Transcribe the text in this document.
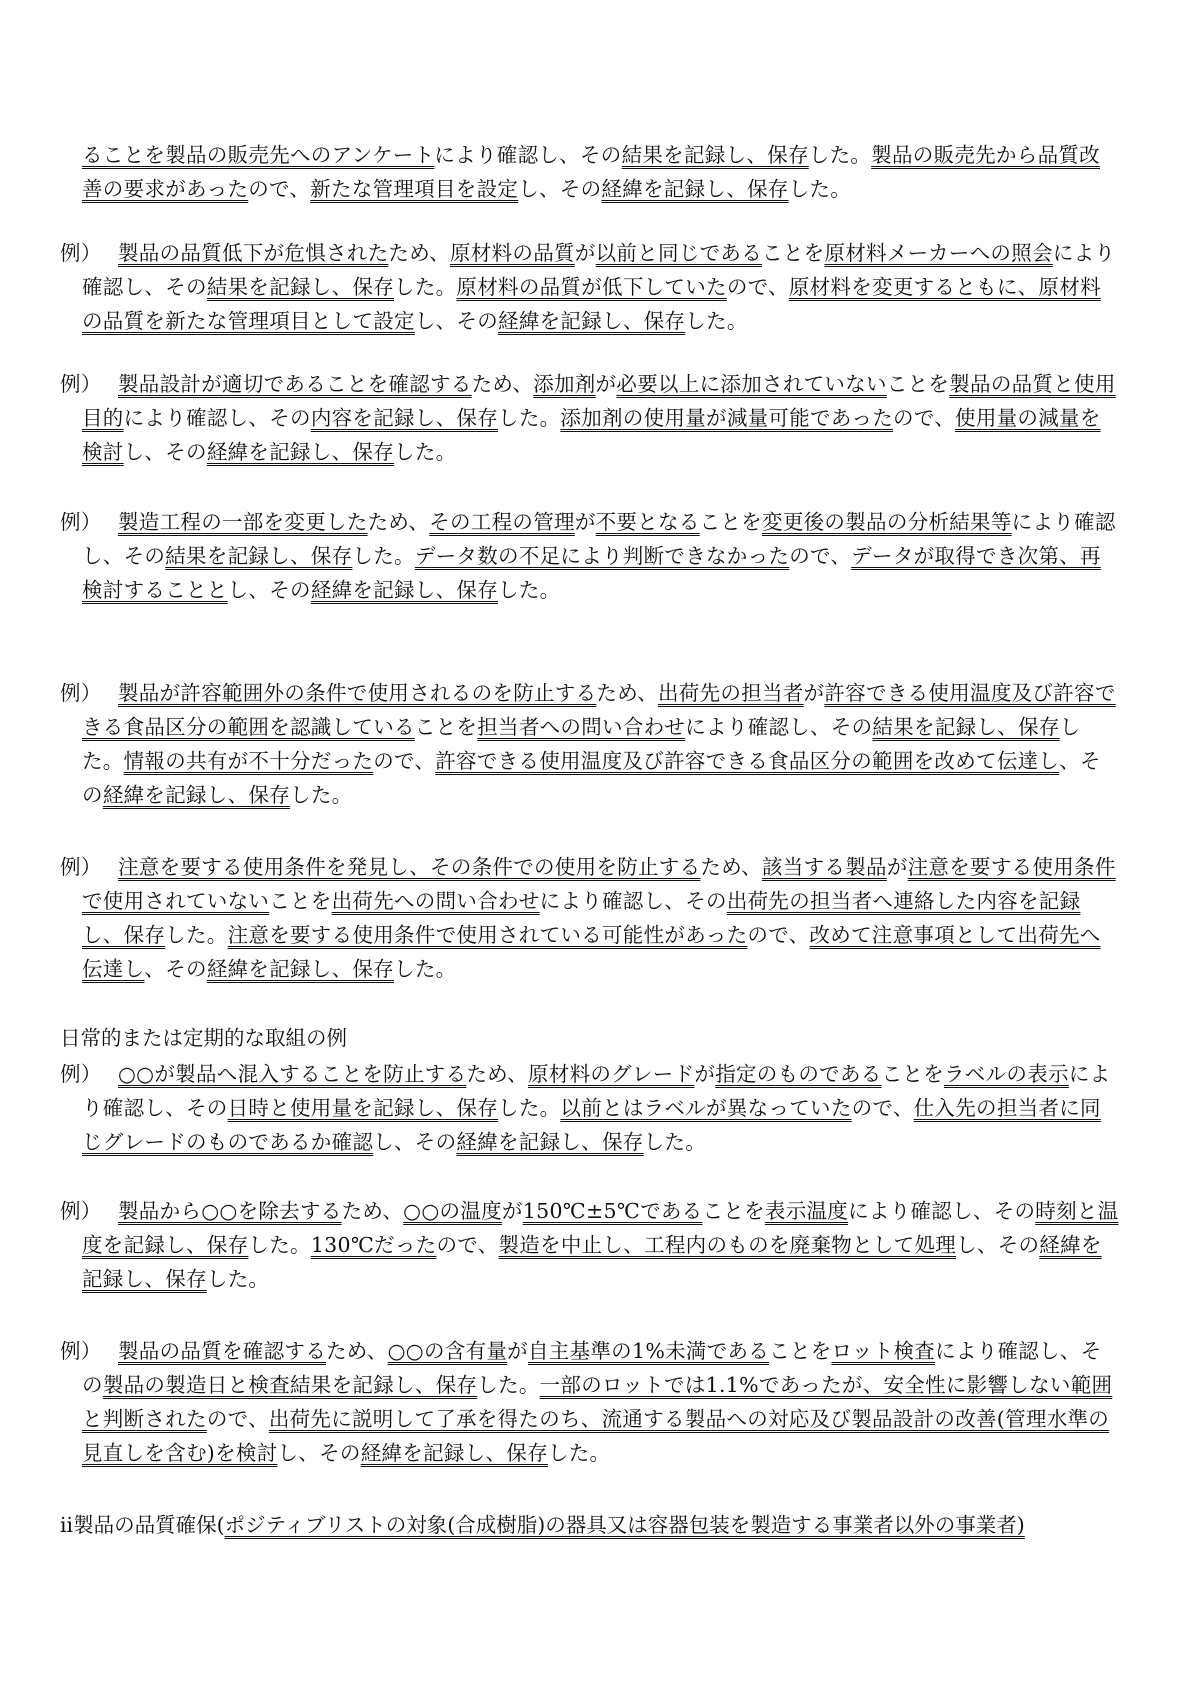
ることを製品の販売先へのアンケートにより確認し、その結果を記録し、保存した。製品の販売先から品質改善の要求があったので、新たな管理項目を設定し、その経緯を記録し、保存した。

例） 製品の品質低下が危惧されたため、原材料の品質が以前と同じであることを原材料メーカーへの照会により確認し、その結果を記録し、保存した。原材料の品質が低下していたので、原材料を変更するともに、原材料の品質を新たな管理項目として設定し、その経緯を記録し、保存した。

例） 製品設計が適切であることを確認するため、添加剤が必要以上に添加されていないことを製品の品質と使用目的により確認し、その内容を記録し、保存した。添加剤の使用量が減量可能であったので、使用量の減量を検討し、その経緯を記録し、保存した。

例） 製造工程の一部を変更したため、その工程の管理が不要となることを変更後の製品の分析結果等により確認し、その結果を記録し、保存した。データ数の不足により判断できなかったので、データが取得でき次第、再検討することとし、その経緯を記録し、保存した。

例） 製品が許容範囲外の条件で使用されるのを防止するため、出荷先の担当者が許容できる使用温度及び許容できる食品区分の範囲を認識していることを担当者への問い合わせにより確認し、その結果を記録し、保存した。情報の共有が不十分だったので、許容できる使用温度及び許容できる食品区分の範囲を改めて伝達し、その経緯を記録し、保存した。

例） 注意を要する使用条件を発見し、その条件での使用を防止するため、該当する製品が注意を要する使用条件で使用されていないことを出荷先への問い合わせにより確認し、その出荷先の担当者へ連絡した内容を記録し、保存した。注意を要する使用条件で使用されている可能性があったので、改めて注意事項として出荷先へ伝達し、その経緯を記録し、保存した。

日常的または定期的な取組の例

例） ○○が製品へ混入することを防止するため、原材料のグレードが指定のものであることをラベルの表示により確認し、その日時と使用量を記録し、保存した。以前とはラベルが異なっていたので、仕入先の担当者に同じグレードのものであるか確認し、その経緯を記録し、保存した。

例） 製品から○○を除去するため、○○の温度が150℃±5℃であることを表示温度により確認し、その時刻と温度を記録し、保存した。130℃だったので、製造を中止し、工程内のものを廃棄物として処理し、その経緯を記録し、保存した。

例） 製品の品質を確認するため、○○の含有量が自主基準の1%未満であることをロット検査により確認し、その製品の製造日と検査結果を記録し、保存した。一部のロットでは1.1%であったが、安全性に影響しない範囲と判断されたので、出荷先に説明して了承を得たのち、流通する製品への対応及び製品設計の改善(管理水準の見直しを含む)を検討し、その経緯を記録し、保存した。

ii製品の品質確保(ポジティブリストの対象(合成樹脂)の器具又は容器包装を製造する事業者以外の事業者)
